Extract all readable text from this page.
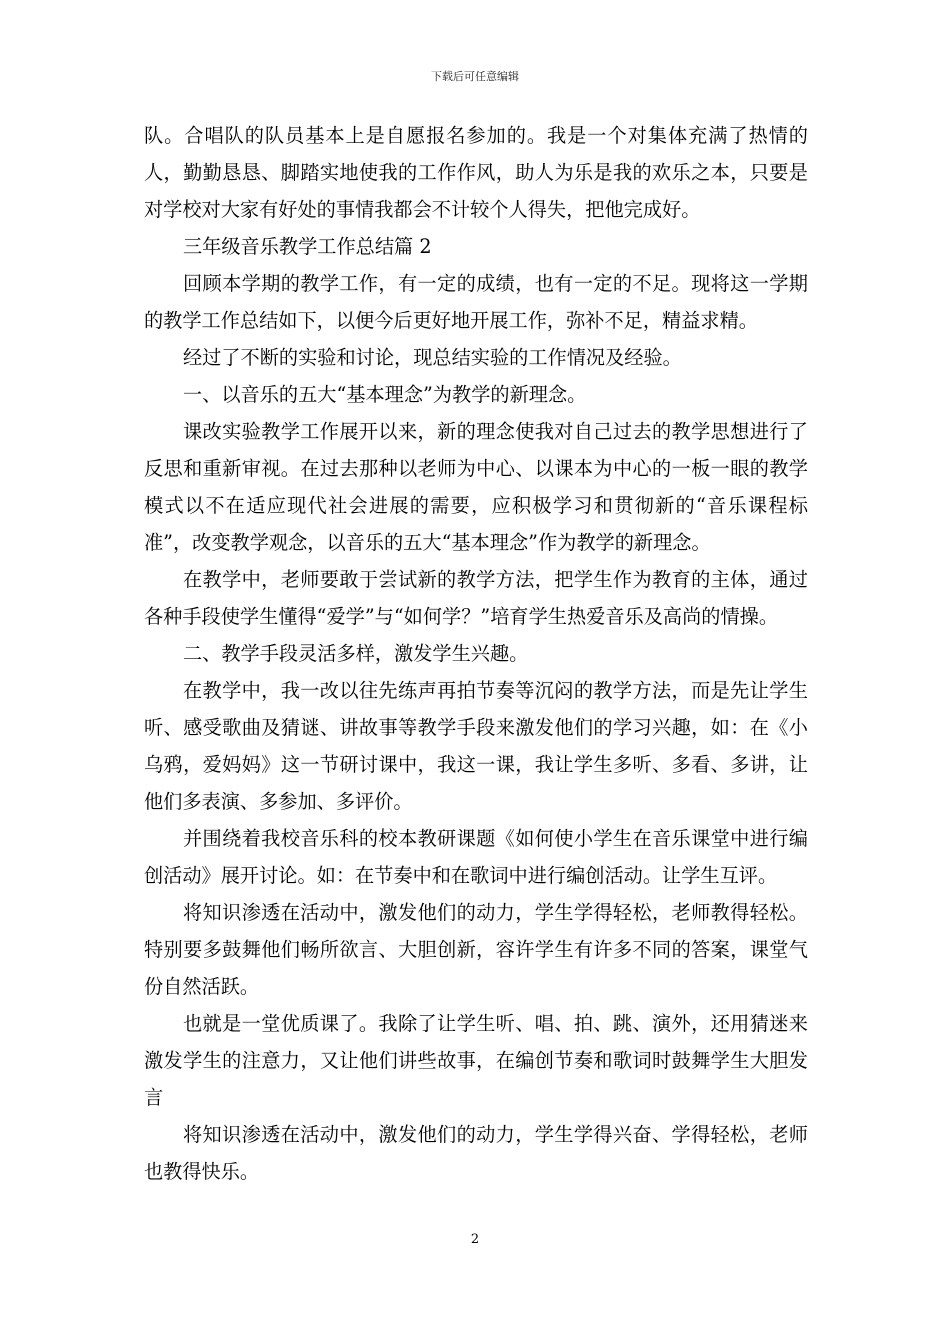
下载后可任意编辑

队。合唱队的队员基本上是自愿报名参加的。我是一个对集体充满了热情的人，勤勤恳恳、脚踏实地使我的工作作风，助人为乐是我的欢乐之本，只要是对学校对大家有好处的事情我都会不计较个人得失，把他完成好。

三年级音乐教学工作总结篇 2

回顾本学期的教学工作，有一定的成绩，也有一定的不足。现将这一学期的教学工作总结如下，以便今后更好地开展工作，弥补不足，精益求精。

经过了不断的实验和讨论，现总结实验的工作情况及经验。

一、以音乐的五大“基本理念”为教学的新理念。

课改实验教学工作展开以来，新的理念使我对自己过去的教学思想进行了反思和重新审视。在过去那种以老师为中心、以课本为中心的一板一眼的教学模式以不在适应现代社会进展的需要，应积极学习和贯彻新的“音乐课程标准”，改变教学观念，以音乐的五大“基本理念”作为教学的新理念。

在教学中，老师要敢于尝试新的教学方法，把学生作为教育的主体，通过各种手段使学生懂得“爱学”与“如何学？”培育学生热爱音乐及高尚的情操。

二、教学手段灵活多样，激发学生兴趣。

在教学中，我一改以往先练声再拍节奏等沉闷的教学方法，而是先让学生听、感受歌曲及猜谜、讲故事等教学手段来激发他们的学习兴趣，如：在《小乌鸦，爱妈妈》这一节研讨课中，我这一课，我让学生多听、多看、多讲，让他们多表演、多参加、多评价。

并围绕着我校音乐科的校本教研课题《如何使小学生在音乐课堂中进行编创活动》展开讨论。如：在节奏中和在歌词中进行编创活动。让学生互评。

将知识渗透在活动中，激发他们的动力，学生学得轻松，老师教得轻松。特别要多鼓舞他们畅所欲言、大胆创新，容许学生有许多不同的答案，课堂气份自然活跃。

也就是一堂优质课了。我除了让学生听、唱、拍、跳、演外，还用猜迷来激发学生的注意力，又让他们讲些故事，在编创节奏和歌词时鼓舞学生大胆发言

将知识渗透在活动中，激发他们的动力，学生学得兴奋、学得轻松，老师也教得快乐。

2
